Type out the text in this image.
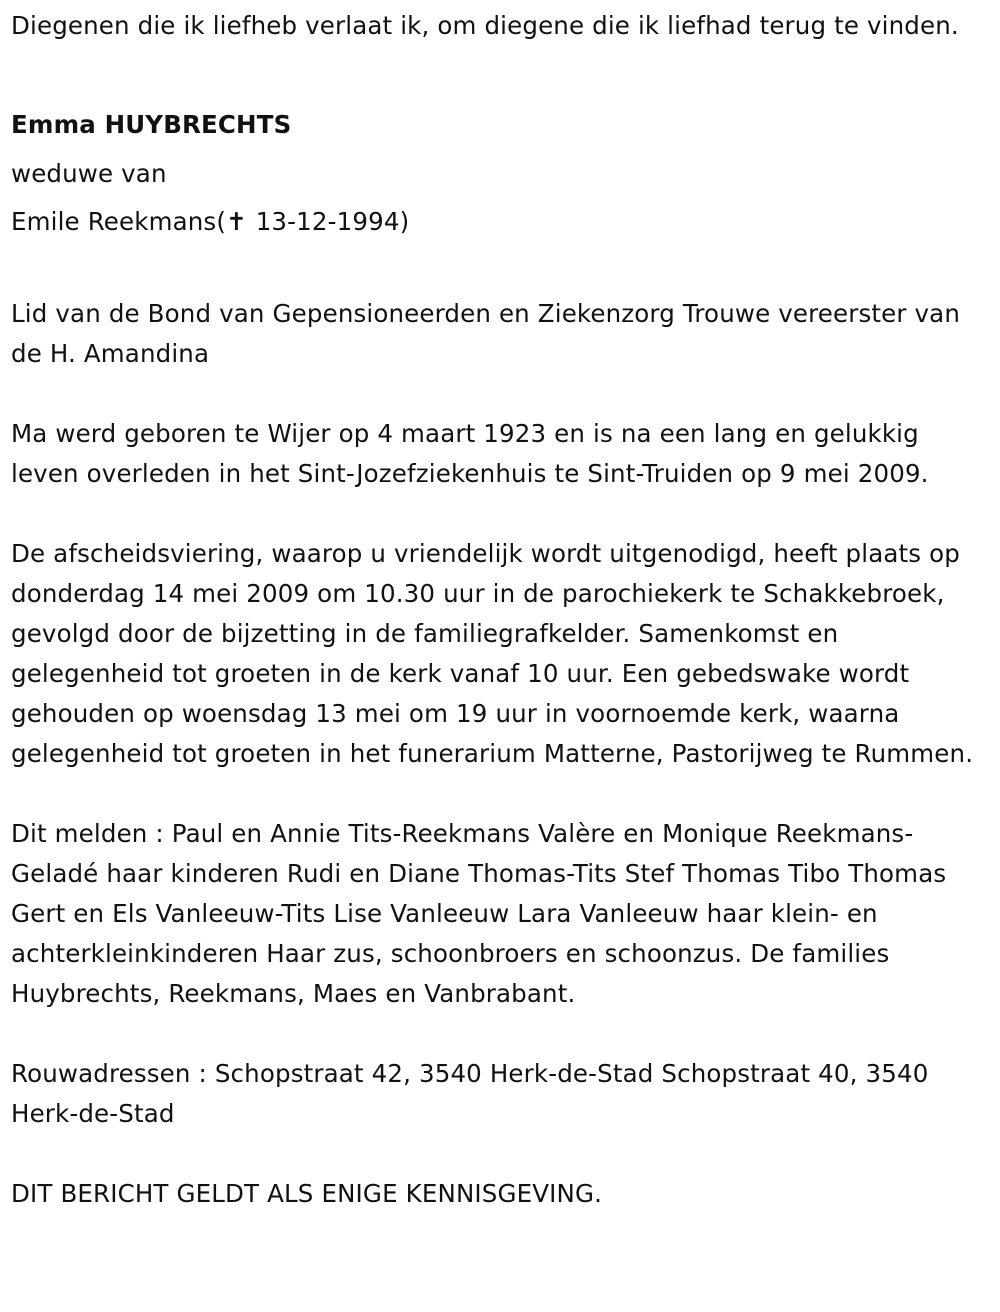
Diegenen die ik liefheb verlaat ik, om diegene die ik liefhad terug te vinden.

Emma HUYBRECHTS

weduwe van

Emile Reekmans(✝ 13-12-1994)

Lid van de Bond van Gepensioneerden en Ziekenzorg Trouwe vereerster van de H. Amandina

Ma werd geboren te Wijer op 4 maart 1923 en is na een lang en gelukkig leven overleden in het Sint-Jozefziekenhuis te Sint-Truiden op 9 mei 2009.

De afscheidsviering, waarop u vriendelijk wordt uitgenodigd, heeft plaats op donderdag 14 mei 2009 om 10.30 uur in de parochiekerk te Schakkebroek, gevolgd door de bijzetting in de familiegrafkelder. Samenkomst en gelegenheid tot groeten in de kerk vanaf 10 uur. Een gebedswake wordt gehouden op woensdag 13 mei om 19 uur in voornoemde kerk, waarna gelegenheid tot groeten in het funerarium Matterne, Pastorijweg te Rummen.

Dit melden : Paul en Annie Tits-Reekmans Valère en Monique Reekmans-Geladé haar kinderen Rudi en Diane Thomas-Tits Stef Thomas Tibo Thomas Gert en Els Vanleeuw-Tits Lise Vanleeuw Lara Vanleeuw haar klein- en achterkleinkinderen Haar zus, schoonbroers en schoonzus. De families Huybrechts, Reekmans, Maes en Vanbrabant.

Rouwadressen : Schopstraat 42, 3540 Herk-de-Stad Schopstraat 40, 3540 Herk-de-Stad

DIT BERICHT GELDT ALS ENIGE KENNISGEVING.
